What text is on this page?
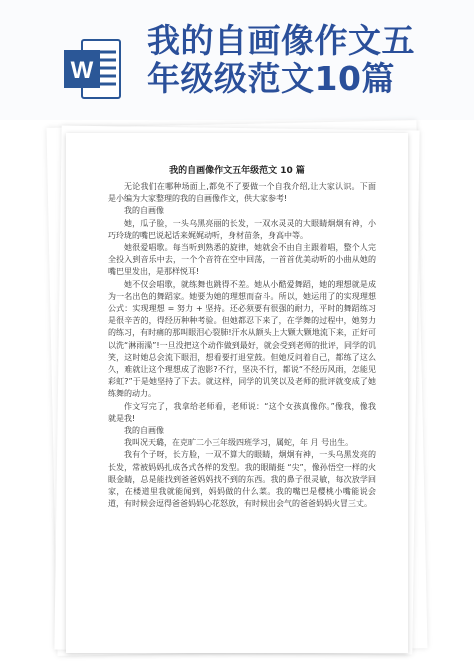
W
我的自画像作文五
年级级范文10篇
我的自画像作文五年级范文 10 篇

无论我们在哪种场面上,都免不了要做一个自我介绍,让大家认识。下面是小编为大家整理的我的自画像作文，供大家参考!

我的自画像

她，瓜子脸，一头乌黑亮丽的长发，一双水灵灵的大眼睛炯炯有神，小巧玲珑的嘴巴说起话来娓娓动听，身材苗条，身高中等。

她很爱唱歌。每当听到熟悉的旋律，她就会不由自主跟着唱，整个人完全投入到音乐中去，一个个音符在空中回荡，一首首优美动听的小曲从她的嘴巴里发出，是那样悦耳!

她不仅会唱歌，就练舞也跳得不差。她从小酷爱舞蹈，她的理想就是成为一名出色的舞蹈家。她要为她的理想而奋斗。所以，她运用了的实现理想公式：实现理想 = 努力 + 坚持。还必须要有很强的耐力，平时的舞蹈练习是很辛苦的，得经历种种考验。但她都忍下来了，在学舞的过程中，她努力的练习，有时痛的那叫眼泪心裂肺!汗水从额头上大颗大颗地流下来，正好可以洗“淋雨澡”!一旦没把这个动作做到最好，就会受到老师的批评，同学的讥笑，这时她总会流下眼泪，想看要打退堂鼓。但她反问着自己，都练了这么久，难就让这个理想成了泡影?不行，坚决不行，都说“不经历风雨，怎能见彩虹?”于是她坚持了下去。就这样，同学的讥笑以及老师的批评就变成了她练舞的动力。

作文写完了，我拿给老师看，老师说：“这个女孩真像你。”像我，像我就是我!

我的自画像

我叫况天璐，在克旷二小三年级四班学习，属蛇，年 月 号出生。

我有个子呀，长方脸，一双不算大的眼睛，炯炯有神，一头乌黑发亮的长发，常被妈妈扎成各式各样的发型。我的眼睛挺 “尖”，像孙悟空一样的火眼金睛，总是能找到爸爸妈妈找不到的东西。我的鼻子很灵敏，每次放学回家，在楼道里我就能闻到，妈妈做的什么菜。我的嘴巴是樱桃小嘴能说会道，有时候会逗得爸爸妈妈心花怒放，有时候出会气的爸爸妈妈火冒三丈。
